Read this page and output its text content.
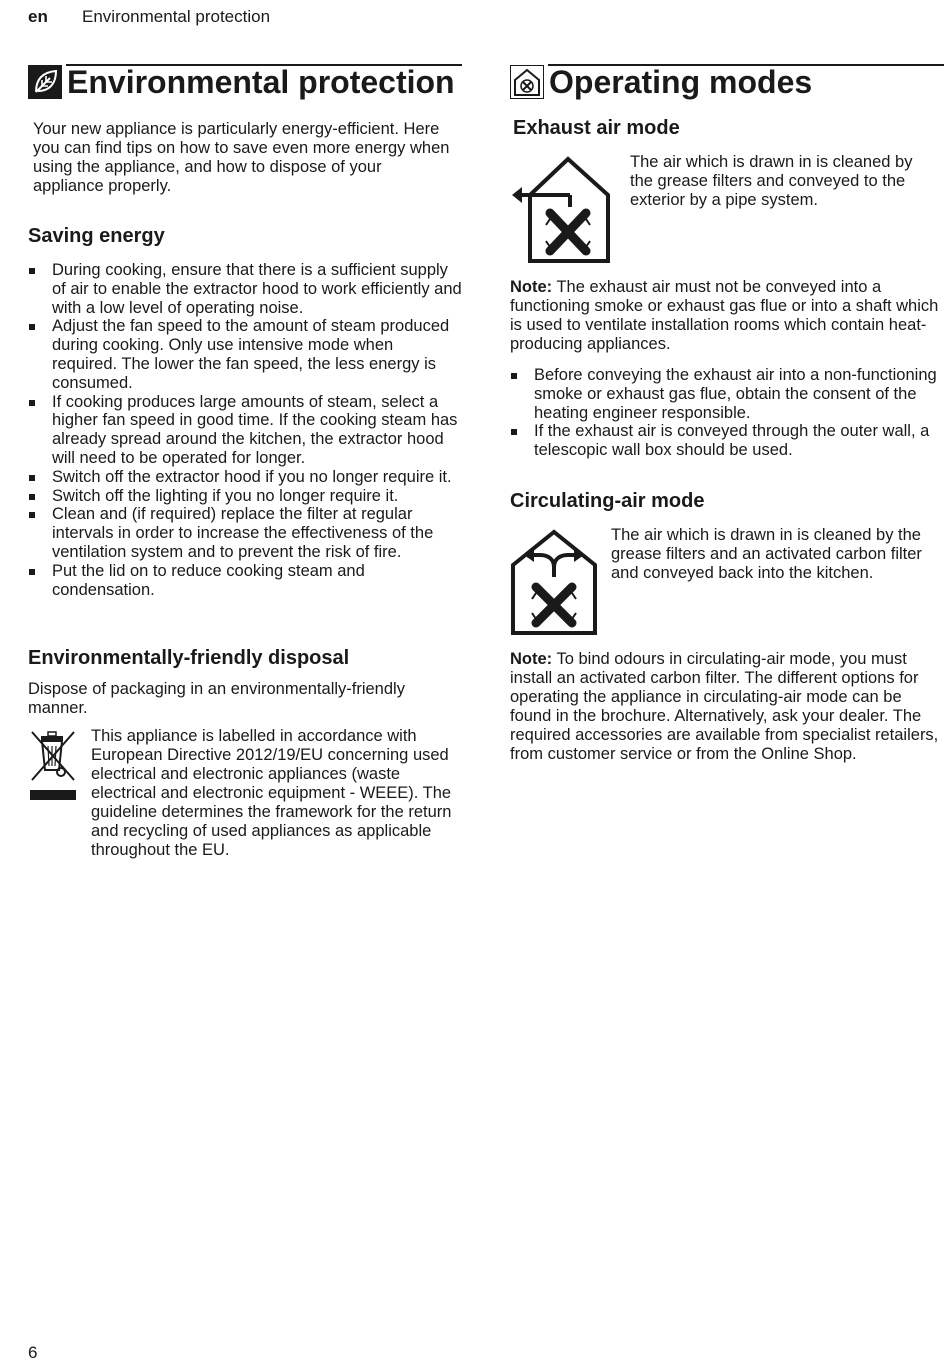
en Environmental protection
Environmental protection
Your new appliance is particularly energy-efficient. Here you can find tips on how to save even more energy when using the appliance, and how to dispose of your appliance properly.
Saving energy
During cooking, ensure that there is a sufficient supply of air to enable the extractor hood to work efficiently and with a low level of operating noise.
Adjust the fan speed to the amount of steam produced during cooking. Only use intensive mode when required. The lower the fan speed, the less energy is consumed.
If cooking produces large amounts of steam, select a higher fan speed in good time. If the cooking steam has already spread around the kitchen, the extractor hood will need to be operated for longer.
Switch off the extractor hood if you no longer require it.
Switch off the lighting if you no longer require it.
Clean and (if required) replace the filter at regular intervals in order to increase the effectiveness of the ventilation system and to prevent the risk of fire.
Put the lid on to reduce cooking steam and condensation.
Environmentally-friendly disposal
Dispose of packaging in an environmentally-friendly manner.
This appliance is labelled in accordance with European Directive 2012/19/EU concerning used electrical and electronic appliances (waste electrical and electronic equipment - WEEE). The guideline determines the framework for the return and recycling of used appliances as applicable throughout the EU.
Operating modes
Exhaust air mode
The air which is drawn in is cleaned by the grease filters and conveyed to the exterior by a pipe system.
Note: The exhaust air must not be conveyed into a functioning smoke or exhaust gas flue or into a shaft which is used to ventilate installation rooms which contain heat-producing appliances.
Before conveying the exhaust air into a non-functioning smoke or exhaust gas flue, obtain the consent of the heating engineer responsible.
If the exhaust air is conveyed through the outer wall, a telescopic wall box should be used.
Circulating-air mode
The air which is drawn in is cleaned by the grease filters and an activated carbon filter and conveyed back into the kitchen.
Note: To bind odours in circulating-air mode, you must install an activated carbon filter. The different options for operating the appliance in circulating-air mode can be found in the brochure. Alternatively, ask your dealer. The required accessories are available from specialist retailers, from customer service or from the Online Shop.
6
